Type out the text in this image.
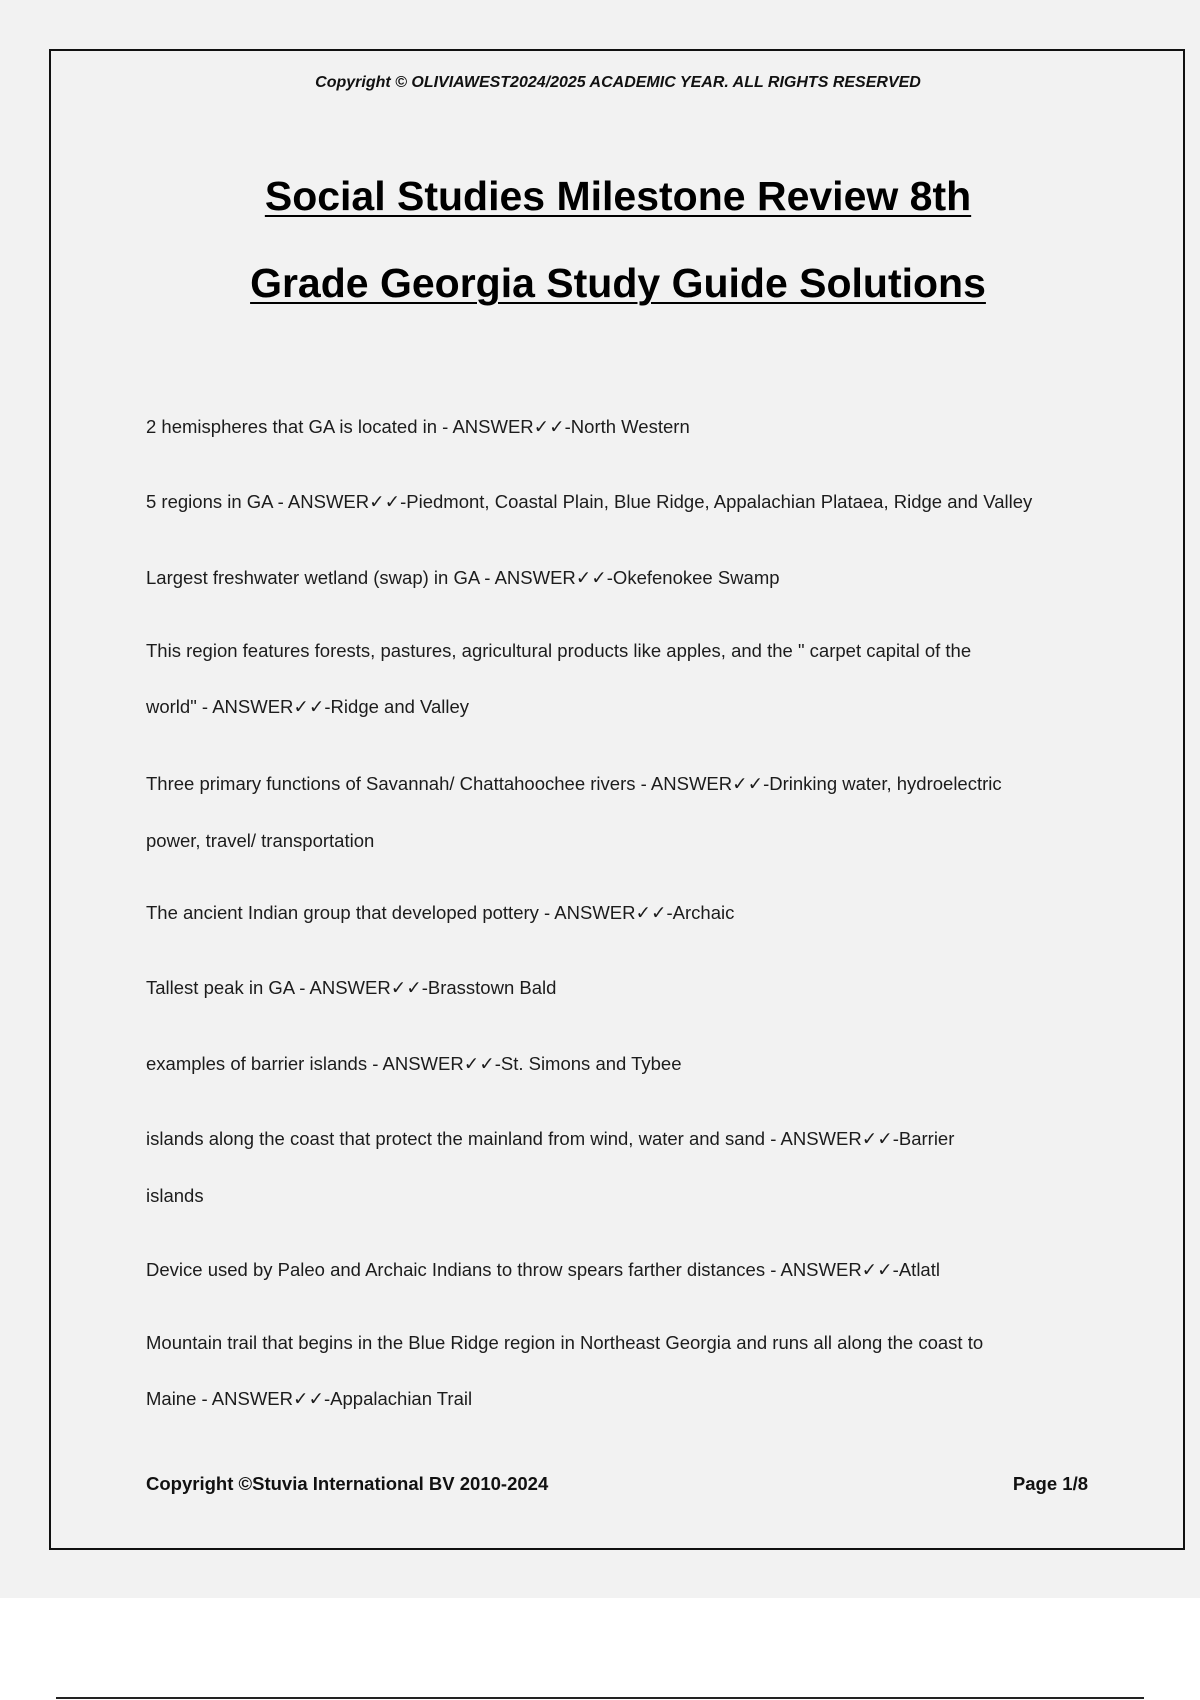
Copyright © OLIVIAWEST2024/2025 ACADEMIC YEAR. ALL RIGHTS RESERVED
Social Studies Milestone Review 8th
Grade Georgia Study Guide Solutions
2 hemispheres that GA is located in - ANSWER✓✓-North Western
5 regions in GA - ANSWER✓✓-Piedmont, Coastal Plain, Blue Ridge, Appalachian Plataea, Ridge and Valley
Largest freshwater wetland (swap) in GA - ANSWER✓✓-Okefenokee Swamp
This region features forests, pastures, agricultural products like apples, and the " carpet capital of the
world" - ANSWER✓✓-Ridge and Valley
Three primary functions of Savannah/ Chattahoochee rivers - ANSWER✓✓-Drinking water, hydroelectric
power, travel/ transportation
The ancient Indian group that developed pottery - ANSWER✓✓-Archaic
Tallest peak in GA - ANSWER✓✓-Brasstown Bald
examples of barrier islands - ANSWER✓✓-St. Simons and Tybee
islands along the coast that protect the mainland from wind, water and sand - ANSWER✓✓-Barrier
islands
Device used by Paleo and Archaic Indians to throw spears farther distances - ANSWER✓✓-Atlatl
Mountain trail that begins in the Blue Ridge region in Northeast Georgia and runs all along the coast to
Maine - ANSWER✓✓-Appalachian Trail
Copyright ©Stuvia International BV 2010-2024	Page 1/8
